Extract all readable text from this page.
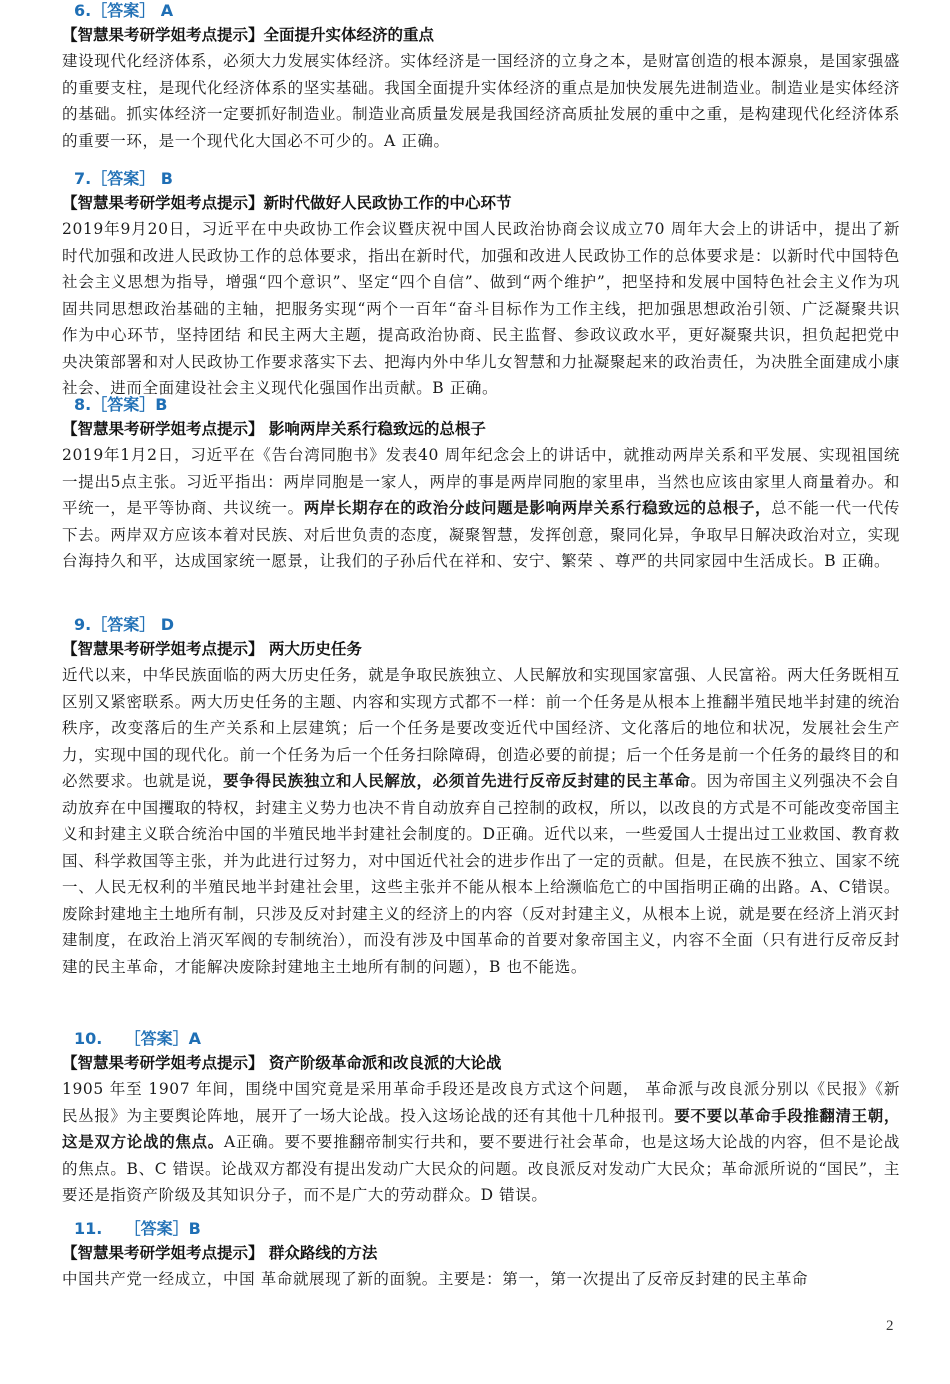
6.［答案］ A
【智慧果考研学姐考点提示】全面提升实体经济的重点
建设现代化经济体系，必须大力发展实体经济。实体经济是一国经济的立身之本，是财富创造的根本源泉，是国家强盛的重要支柱，是现代化经济体系的坚实基础。我国全面提升实体经济的重点是加快发展先进制造业。制造业是实体经济的基础。抓实体经济一定要抓好制造业。制造业高质量发展是我国经济高质扯发展的重中之重，是构建现代化经济体系的重要一环，是一个现代化大国必不可少的。A 正确。
7.［答案］ B
【智慧果考研学姐考点提示】新时代做好人民政协工作的中心环节
2019年9月20日，习近平在中央政协工作会议暨庆祝中国人民政治协商会议成立70 周年大会上的讲话中，提出了新时代加强和改进人民政协工作的总体要求，指出在新时代，加强和改进人民政协工作的总体要求是：以新时代中国特色社会主义思想为指导，增强“四个意识”、坚定“四个自信”、做到“两个维护”，把坚持和发展中国特色社会主义作为巩固共同思想政治基础的主轴，把服务实现“两个一百年“奋斗目标作为工作主线，把加强思想政治引领、广泛凝聚共识作为中心环节，坚持团结 和民主两大主题，提高政治协商、民主监督、参政议政水平，更好凝聚共识，担负起把党中央决策部署和对人民政协工作要求落实下去、把海内外中华儿女智慧和力扯凝聚起来的政治责任，为决胜全面建成小康社会、进而全面建设社会主义现代化强国作出贡献。B 正确。
8.［答案］B
【智慧果考研学姐考点提示】 影响两岸关系行稳致远的总根子
2019年1月2日，习近平在《告台湾同胞书》发表40 周年纪念会上的讲话中，就推动两岸关系和平发展、实现祖国统一提出5点主张。习近平指出：两岸同胞是一家人，两岸的事是两岸同胞的家里串，当然也应该由家里人商量着办。和平统一，是平等协商、共议统一。两岸长期存在的政治分歧问题是影响两岸关系行稳致远的总根子，总不能一代一代传下去。两岸双方应该本着对民族、对后世负责的态度，凝聚智慧，发挥创意，聚同化异，争取早日解决政治对立，实现台海持久和平，达成国家统一愿景，让我们的子孙后代在祥和、安宁、繁荣 、尊严的共同家园中生活成长。B 正确。
9.［答案］ D
【智慧果考研学姐考点提示】 两大历史任务
近代以来，中华民族面临的两大历史任务，就是争取民族独立、人民解放和实现国家富强、人民富裕。两大任务既相互区别又紧密联系。两大历史任务的主题、内容和实现方式都不一样：前一个任务是从根本上推翻半殖民地半封建的统治秩序，改变落后的生产关系和上层建筑；后一个任务是要改变近代中国经济、文化落后的地位和状况，发展社会生产力，实现中国的现代化。前一个任务为后一个任务扫除障碍，创造必要的前提；后一个任务是前一个任务的最终目的和必然要求。也就是说，要争得民族独立和人民解放，必须首先进行反帝反封建的民主革命。因为帝国主义列强决不会自动放弃在中国攫取的特权，封建主义势力也决不肯自动放弃自己控制的政权，所以，以改良的方式是不可能改变帝国主义和封建主义联合统治中国的半殖民地半封建社会制度的。D正确。近代以来，一些爱国人士提出过工业救国、教育救国、科学救国等主张，并为此进行过努力，对中国近代社会的进步作出了一定的贡献。但是，在民族不独立、国家不统一、人民无权利的半殖民地半封建社会里，这些主张并不能从根本上给濒临危亡的中国指明正确的出路。A、C错误。废除封建地主土地所有制，只涉及反对封建主义的经济上的内容（反对封建主义，从根本上说，就是要在经济上消灭封建制度，在政治上消灭军阀的专制统治），而没有涉及中国革命的首要对象帝国主义，内容不全面（只有进行反帝反封建的民主革命，才能解决废除封建地主土地所有制的问题），B 也不能选。
10.    ［答案］A
【智慧果考研学姐考点提示】 资产阶级革命派和改良派的大论战
1905 年至 1907 年间，围绕中国究竟是采用革命手段还是改良方式这个问题， 革命派与改良派分别以《民报》《新民丛报》为主要舆论阵地，展开了一场大论战。投入这场论战的还有其他十几种报刊。要不要以革命手段推翻清王朝，这是双方论战的焦点。A正确。要不要推翻帝制实行共和，要不要进行社会革命，也是这场大论战的内容，但不是论战的焦点。B、C 错误。论战双方都没有提出发动广大民众的问题。改良派反对发动广大民众；革命派所说的“国民”，主要还是指资产阶级及其知识分子，而不是广大的劳动群众。D 错误。
11.    ［答案］B
【智慧果考研学姐考点提示】 群众路线的方法
中国共产党一经成立，中国 革命就展现了新的面貌。主要是：第一，第一次提出了反帝反封建的民主革命
2
